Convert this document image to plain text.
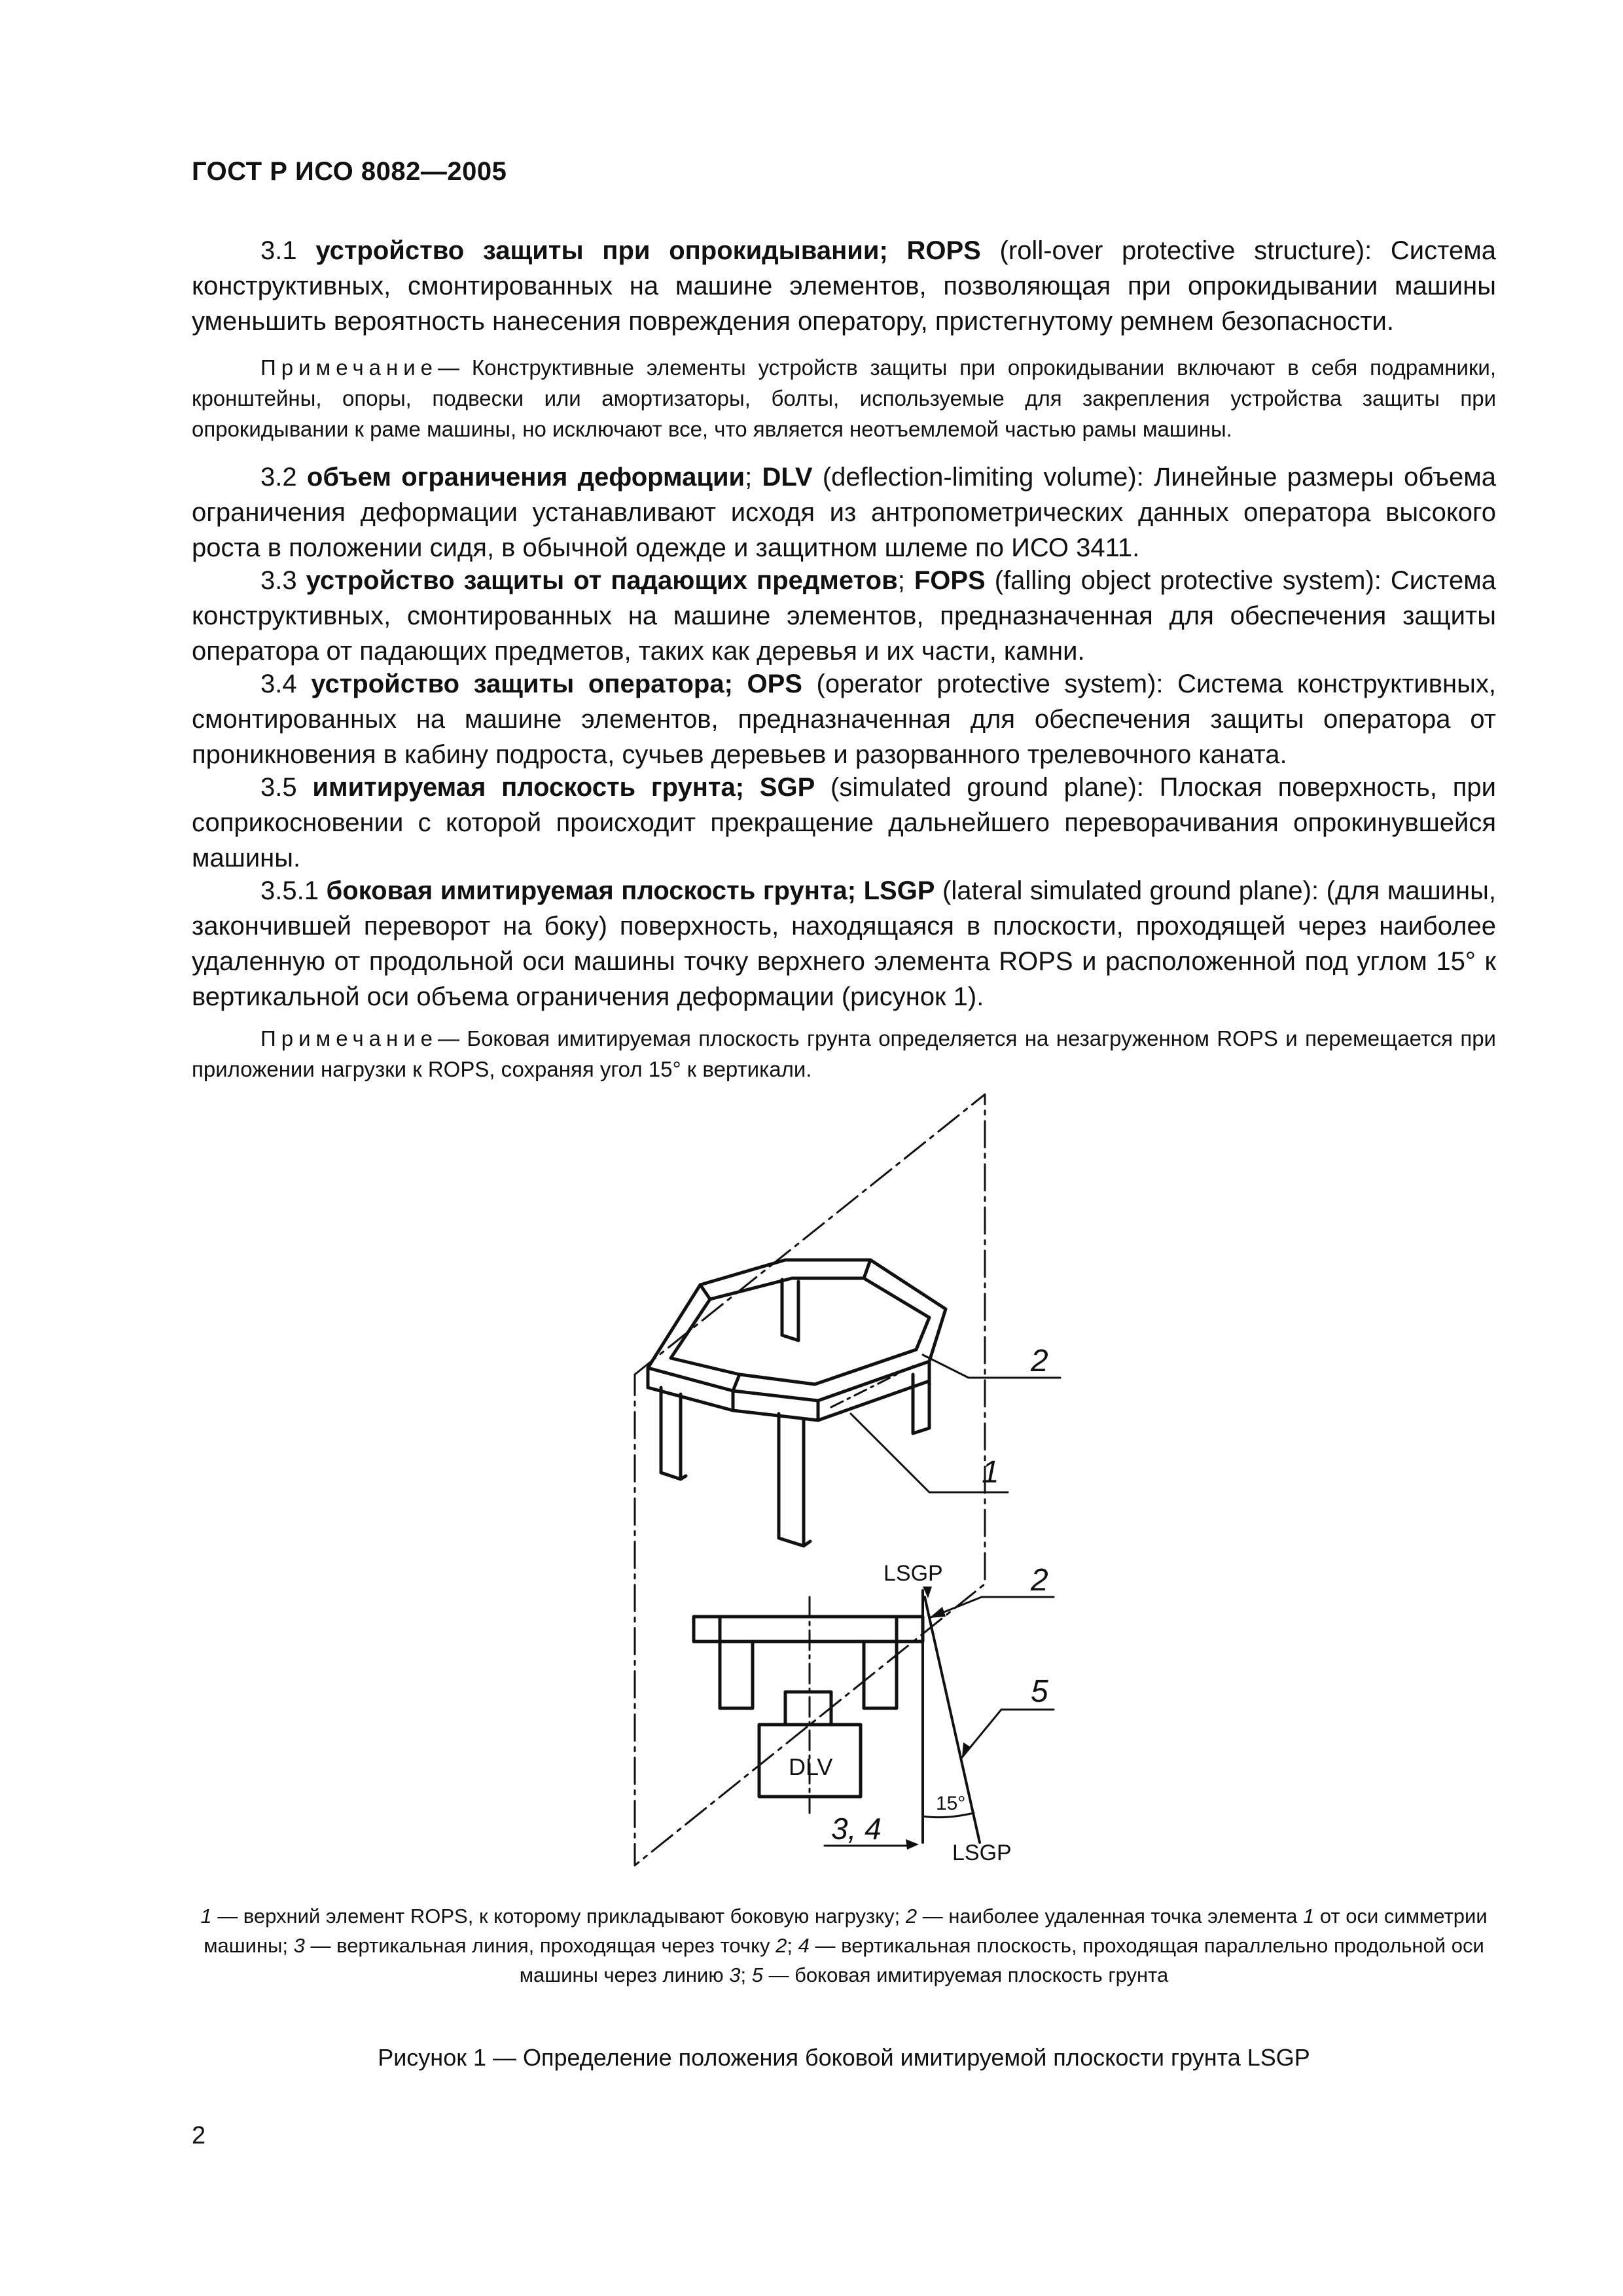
ГОСТ Р ИСО 8082—2005

3.1 устройство защиты при опрокидывании; ROPS (roll-over protective structure): Система конструктивных, смонтированных на машине элементов, позволяющая при опрокидывании машины уменьшить вероятность нанесения повреждения оператору, пристегнутому ремнем безопасности.

Примечание— Конструктивные элементы устройств защиты при опрокидывании включают в себя подрамники, кронштейны, опоры, подвески или амортизаторы, болты, используемые для закрепления устройства защиты при опрокидывании к раме машины, но исключают все, что является неотъемлемой частью рамы машины.

3.2 объем ограничения деформации; DLV (deflection-limiting volume): Линейные размеры объема ограничения деформации устанавливают исходя из антропометрических данных оператора высокого роста в положении сидя, в обычной одежде и защитном шлеме по ИСО 3411.

3.3 устройство защиты от падающих предметов; FOPS (falling object protective system): Система конструктивных, смонтированных на машине элементов, предназначенная для обеспечения защиты оператора от падающих предметов, таких как деревья и их части, камни.

3.4 устройство защиты оператора; OPS (operator protective system): Система конструктивных, смонтированных на машине элементов, предназначенная для обеспечения защиты оператора от проникновения в кабину подроста, сучьев деревьев и разорванного трелевочного каната.

3.5 имитируемая плоскость грунта; SGP (simulated ground plane): Плоская поверхность, при соприкосновении с которой происходит прекращение дальнейшего переворачивания опрокинувшейся машины.

3.5.1 боковая имитируемая плоскость грунта; LSGP (lateral simulated ground plane): (для машины, закончившей переворот на боку) поверхность, находящаяся в плоскости, проходящей через наиболее удаленную от продольной оси машины точку верхнего элемента ROPS и расположенной под углом 15° к вертикальной оси объема ограничения деформации (рисунок 1).

Примечание— Боковая имитируемая плоскость грунта определяется на незагруженном ROPS и перемещается при приложении нагрузки к ROPS, сохраняя угол 15° к вертикали.

2
1
LSGP	2
5
DLV
15°
3, 4
LSGP
1 — верхний элемент ROPS, к которому прикладывают боковую нагрузку; 2 — наиболее удаленная точка элемента 1 от оси симметрии машины; 3 — вертикальная линия, проходящая через точку 2; 4 — вертикальная плоскость, проходящая параллельно продольной оси машины через линию 3; 5 — боковая имитируемая плоскость грунта
Рисунок 1 — Определение положения боковой имитируемой плоскости грунта LSGP
2
